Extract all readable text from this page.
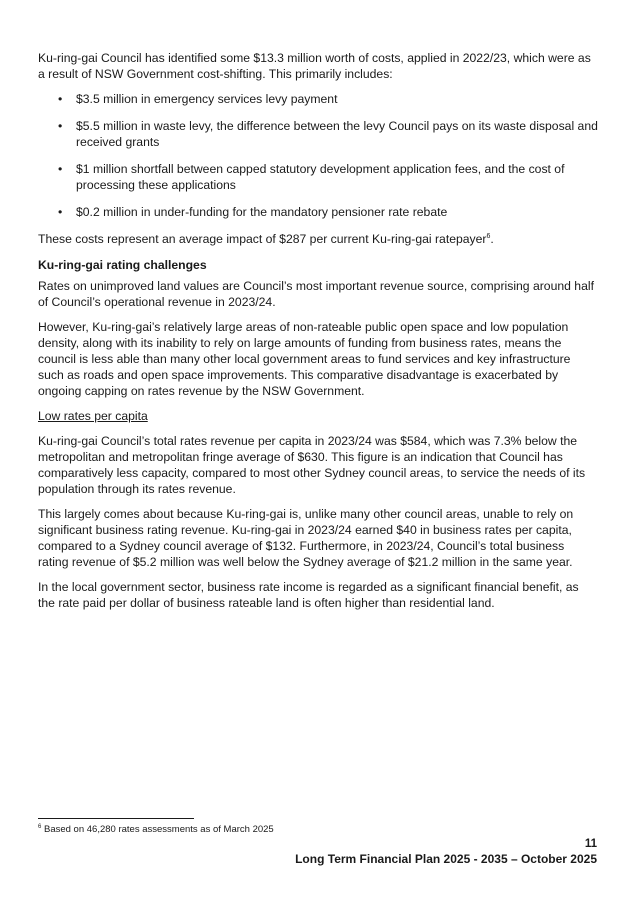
Ku-ring-gai Council has identified some $13.3 million worth of costs, applied in 2022/23, which were as a result of NSW Government cost-shifting. This primarily includes:

• $3.5 million in emergency services levy payment
• $5.5 million in waste levy, the difference between the levy Council pays on its waste disposal and received grants
• $1 million shortfall between capped statutory development application fees, and the cost of processing these applications
• $0.2 million in under-funding for the mandatory pensioner rate rebate

These costs represent an average impact of $287 per current Ku-ring-gai ratepayer$^6$.

Ku-ring-gai rating challenges

Rates on unimproved land values are Council’s most important revenue source, comprising around half of Council’s operational revenue in 2023/24.

However, Ku-ring-gai’s relatively large areas of non-rateable public open space and low population density, along with its inability to rely on large amounts of funding from business rates, means the council is less able than many other local government areas to fund services and key infrastructure such as roads and open space improvements. This comparative disadvantage is exacerbated by ongoing capping on rates revenue by the NSW Government.

Low rates per capita

Ku-ring-gai Council’s total rates revenue per capita in 2023/24 was $584, which was 7.3% below the metropolitan and metropolitan fringe average of $630. This figure is an indication that Council has comparatively less capacity, compared to most other Sydney council areas, to service the needs of its population through its rates revenue.

This largely comes about because Ku-ring-gai is, unlike many other council areas, unable to rely on significant business rating revenue. Ku-ring-gai in 2023/24 earned $40 in business rates per capita, compared to a Sydney council average of $132. Furthermore, in 2023/24, Council’s total business rating revenue of $5.2 million was well below the Sydney average of $21.2 million in the same year.

In the local government sector, business rate income is regarded as a significant financial benefit, as the rate paid per dollar of business rateable land is often higher than residential land.

$^6$ Based on 46,280 rates assessments as of March 2025
11
Long Term Financial Plan 2025 - 2035 – October 2025
